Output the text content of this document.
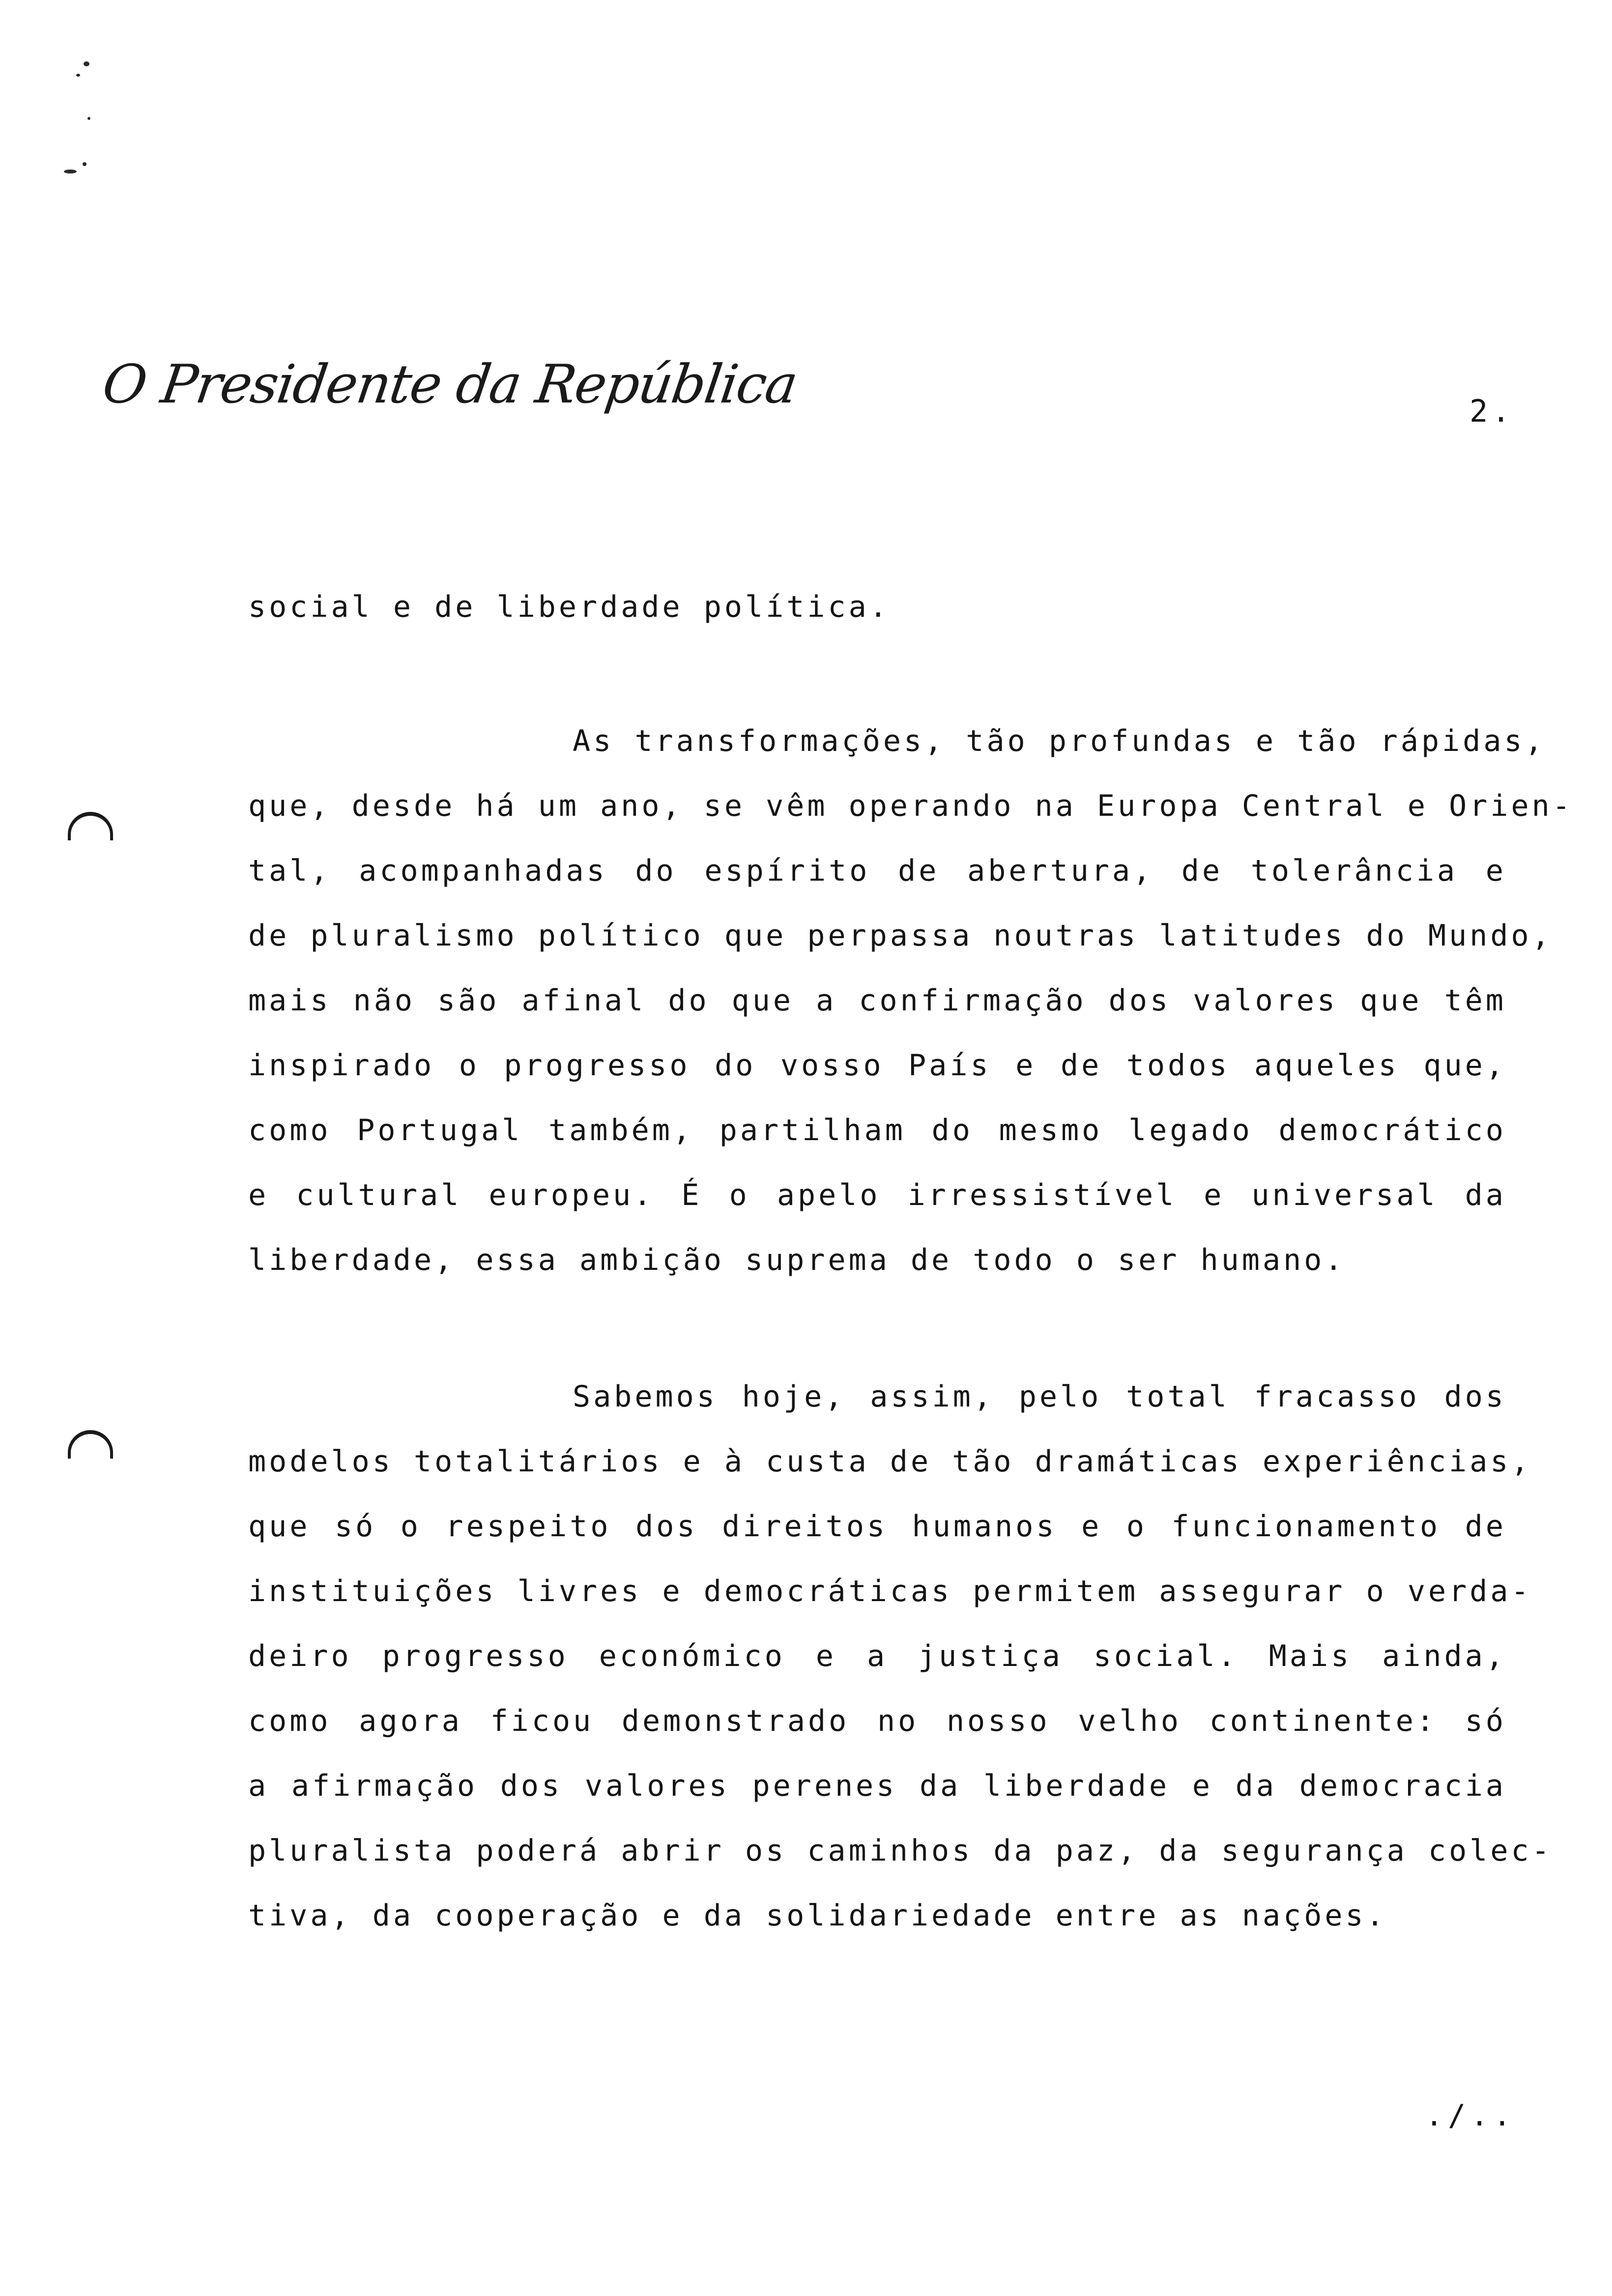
O Presidente da República	2.
social e de liberdade política.
As transformações, tão profundas e tão rápidas,
que, desde há um ano, se vêm operando na Europa Central e Orien-
tal, acompanhadas do espírito de abertura, de tolerância e
de pluralismo político que perpassa noutras latitudes do Mundo,
mais não são afinal do que a confirmação dos valores que têm
inspirado o progresso do vosso País e de todos aqueles que,
como Portugal também, partilham do mesmo legado democrático
e cultural europeu. É o apelo irressistível e universal da
liberdade, essa ambição suprema de todo o ser humano.
Sabemos hoje, assim, pelo total fracasso dos
modelos totalitários e à custa de tão dramáticas experiências,
que só o respeito dos direitos humanos e o funcionamento de
instituições livres e democráticas permitem assegurar o verda-
deiro progresso económico e a justiça social. Mais ainda,
como agora ficou demonstrado no nosso velho continente: só
a afirmação dos valores perenes da liberdade e da democracia
pluralista poderá abrir os caminhos da paz, da segurança colec-
tiva, da cooperação e da solidariedade entre as nações.
./..
